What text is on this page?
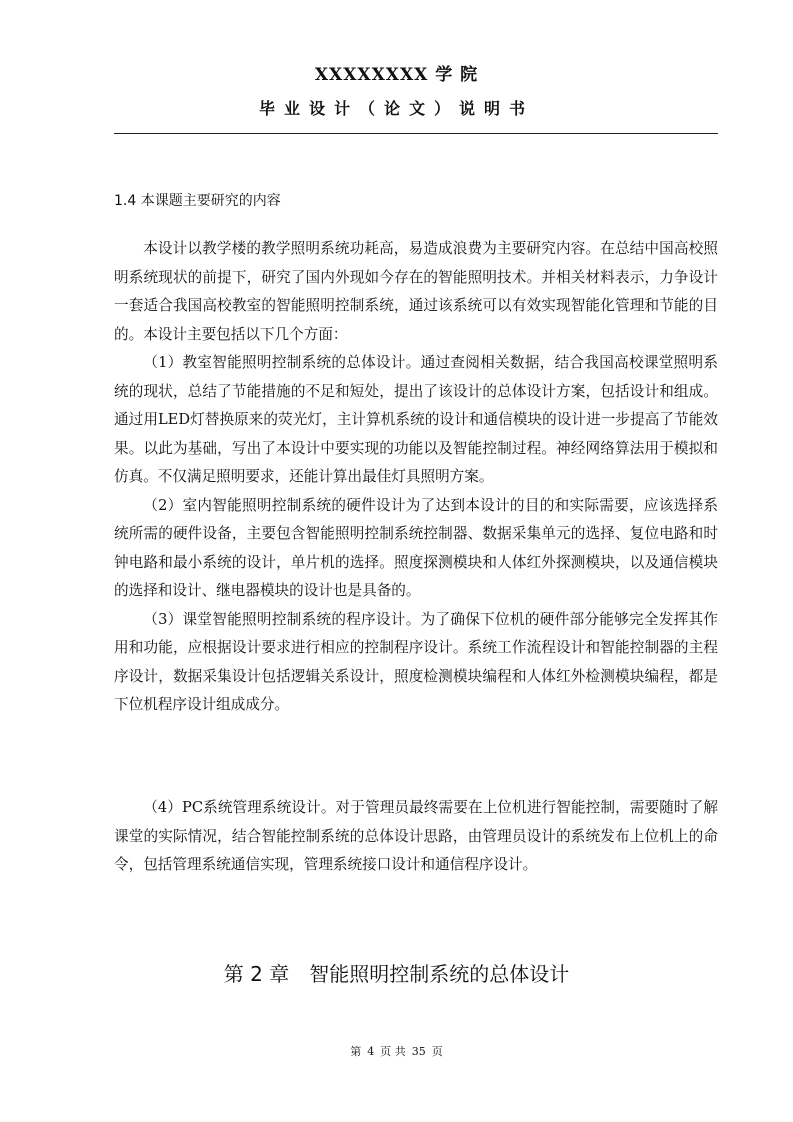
XXXXXXXX 学 院
毕业设计（论文）说明书
1.4 本课题主要研究的内容

本设计以教学楼的教学照明系统功耗高，易造成浪费为主要研究内容。在总结中国高校照明系统现状的前提下，研究了国内外现如今存在的智能照明技术。并相关材料表示，力争设计一套适合我国高校教室的智能照明控制系统，通过该系统可以有效实现智能化管理和节能的目的。本设计主要包括以下几个方面：

（1）教室智能照明控制系统的总体设计。通过查阅相关数据，结合我国高校课堂照明系统的现状，总结了节能措施的不足和短处，提出了该设计的总体设计方案，包括设计和组成。通过用LED灯替换原来的荧光灯，主计算机系统的设计和通信模块的设计进一步提高了节能效果。以此为基础，写出了本设计中要实现的功能以及智能控制过程。神经网络算法用于模拟和仿真。不仅满足照明要求，还能计算出最佳灯具照明方案。

（2）室内智能照明控制系统的硬件设计为了达到本设计的目的和实际需要，应该选择系统所需的硬件设备，主要包含智能照明控制系统控制器、数据采集单元的选择、复位电路和时钟电路和最小系统的设计，单片机的选择。照度探测模块和人体红外探测模块，以及通信模块的选择和设计、继电器模块的设计也是具备的。

（3）课堂智能照明控制系统的程序设计。为了确保下位机的硬件部分能够完全发挥其作用和功能，应根据设计要求进行相应的控制程序设计。系统工作流程设计和智能控制器的主程序设计，数据采集设计包括逻辑关系设计，照度检测模块编程和人体红外检测模块编程，都是下位机程序设计组成成分。

（4）PC系统管理系统设计。对于管理员最终需要在上位机进行智能控制，需要随时了解课堂的实际情况，结合智能控制系统的总体设计思路，由管理员设计的系统发布上位机上的命令，包括管理系统通信实现，管理系统接口设计和通信程序设计。

第 2 章 智能照明控制系统的总体设计
第 4 页 共 35 页
